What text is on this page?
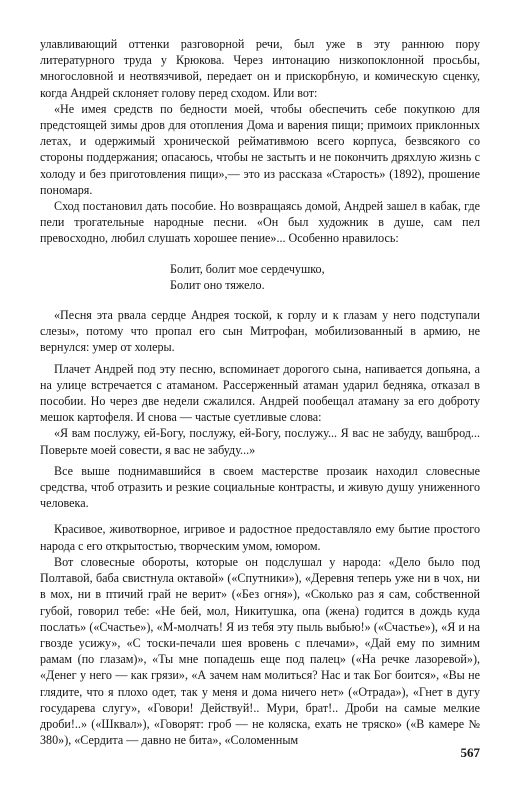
улавливающий оттенки разговорной речи, был уже в эту раннюю пору литературного труда у Крюкова. Через интонацию низкопоклонной просьбы, многословной и неотвязчивой, передает он и прискорбную, и комическую сценку, когда Андрей склоняет голову перед сходом. Или вот:

«Не имея средств по бедности моей, чтобы обеспечить себе покупкою для предстоящей зимы дров для отопления Дома и варения пищи; примоих приклонных летах, и одержимый хронической реймативмою всего корпуса, безвсякого со стороны поддержания; опасаюсь, чтобы не застыть и не покончить дряхлую жизнь с холоду и без приготовления пищи»,— это из рассказа «Старость» (1892), прошение пономаря.

Сход постановил дать пособие. Но возвращаясь домой, Андрей зашел в кабак, где пели трогательные народные песни. «Он был художник в душе, сам пел превосходно, любил слушать хорошее пение»... Особенно нравилось:

Болит, болит мое сердечушко,
Болит оно тяжело.

«Песня эта рвала сердце Андрея тоской, к горлу и к глазам у него подступали слезы», потому что пропал его сын Митрофан, мобилизованный в армию, не вернулся: умер от холеры.

Плачет Андрей под эту песню, вспоминает дорогого сына, напивается допьяна, а на улице встречается с атаманом. Рассерженный атаман ударил бедняка, отказал в пособии. Но через две недели сжалился. Андрей пообещал атаману за его доброту мешок картофеля. И снова — частые суетливые слова:

«Я вам послужу, ей-Богу, послужу, ей-Богу, послужу... Я вас не забуду, вашброд... Поверьте моей совести, я вас не забуду...»

Все выше поднимавшийся в своем мастерстве прозаик находил словесные средства, чтоб отразить и резкие социальные контрасты, и живую душу униженного человека.

Красивое, животворное, игривое и радостное предоставляло ему бытие простого народа с его открытостью, творческим умом, юмором.

Вот словесные обороты, которые он подслушал у народа: «Дело было под Полтавой, баба свистнула октавой» («Спутники»), «Деревня теперь уже ни в чох, ни в мох, ни в птичий грай не верит» («Без огня»), «Сколько раз я сам, собственной губой, говорил тебе: «Не бей, мол, Никитушка, опа (жена) годится в дождь куда послать» («Счастье»), «М-молчать! Я из тебя эту пыль выбью!» («Счастье»), «Я и на гвоздe усижу», «С тоски-печали шея вровень с плечами», «Дай ему по зимним рамам (по глазам)», «Ты мне попадешь еще под палец» («На речке лазоревой»), «Денег у него — как грязи», «А зачем нам молиться? Нас и так Бог боится», «Вы не глядите, что я плохо одет, так у меня и дома ничего нет» («Отрада»), «Гнет в дугу государева слугу», «Говори! Действуй!.. Мури, брат!.. Дроби на самые мелкие дроби!..» («Шквал»), «Говорят: гроб — не коляска, ехать не тряско» («В камере № 380»), «Сердита — давно не бита», «Соломенным

567
